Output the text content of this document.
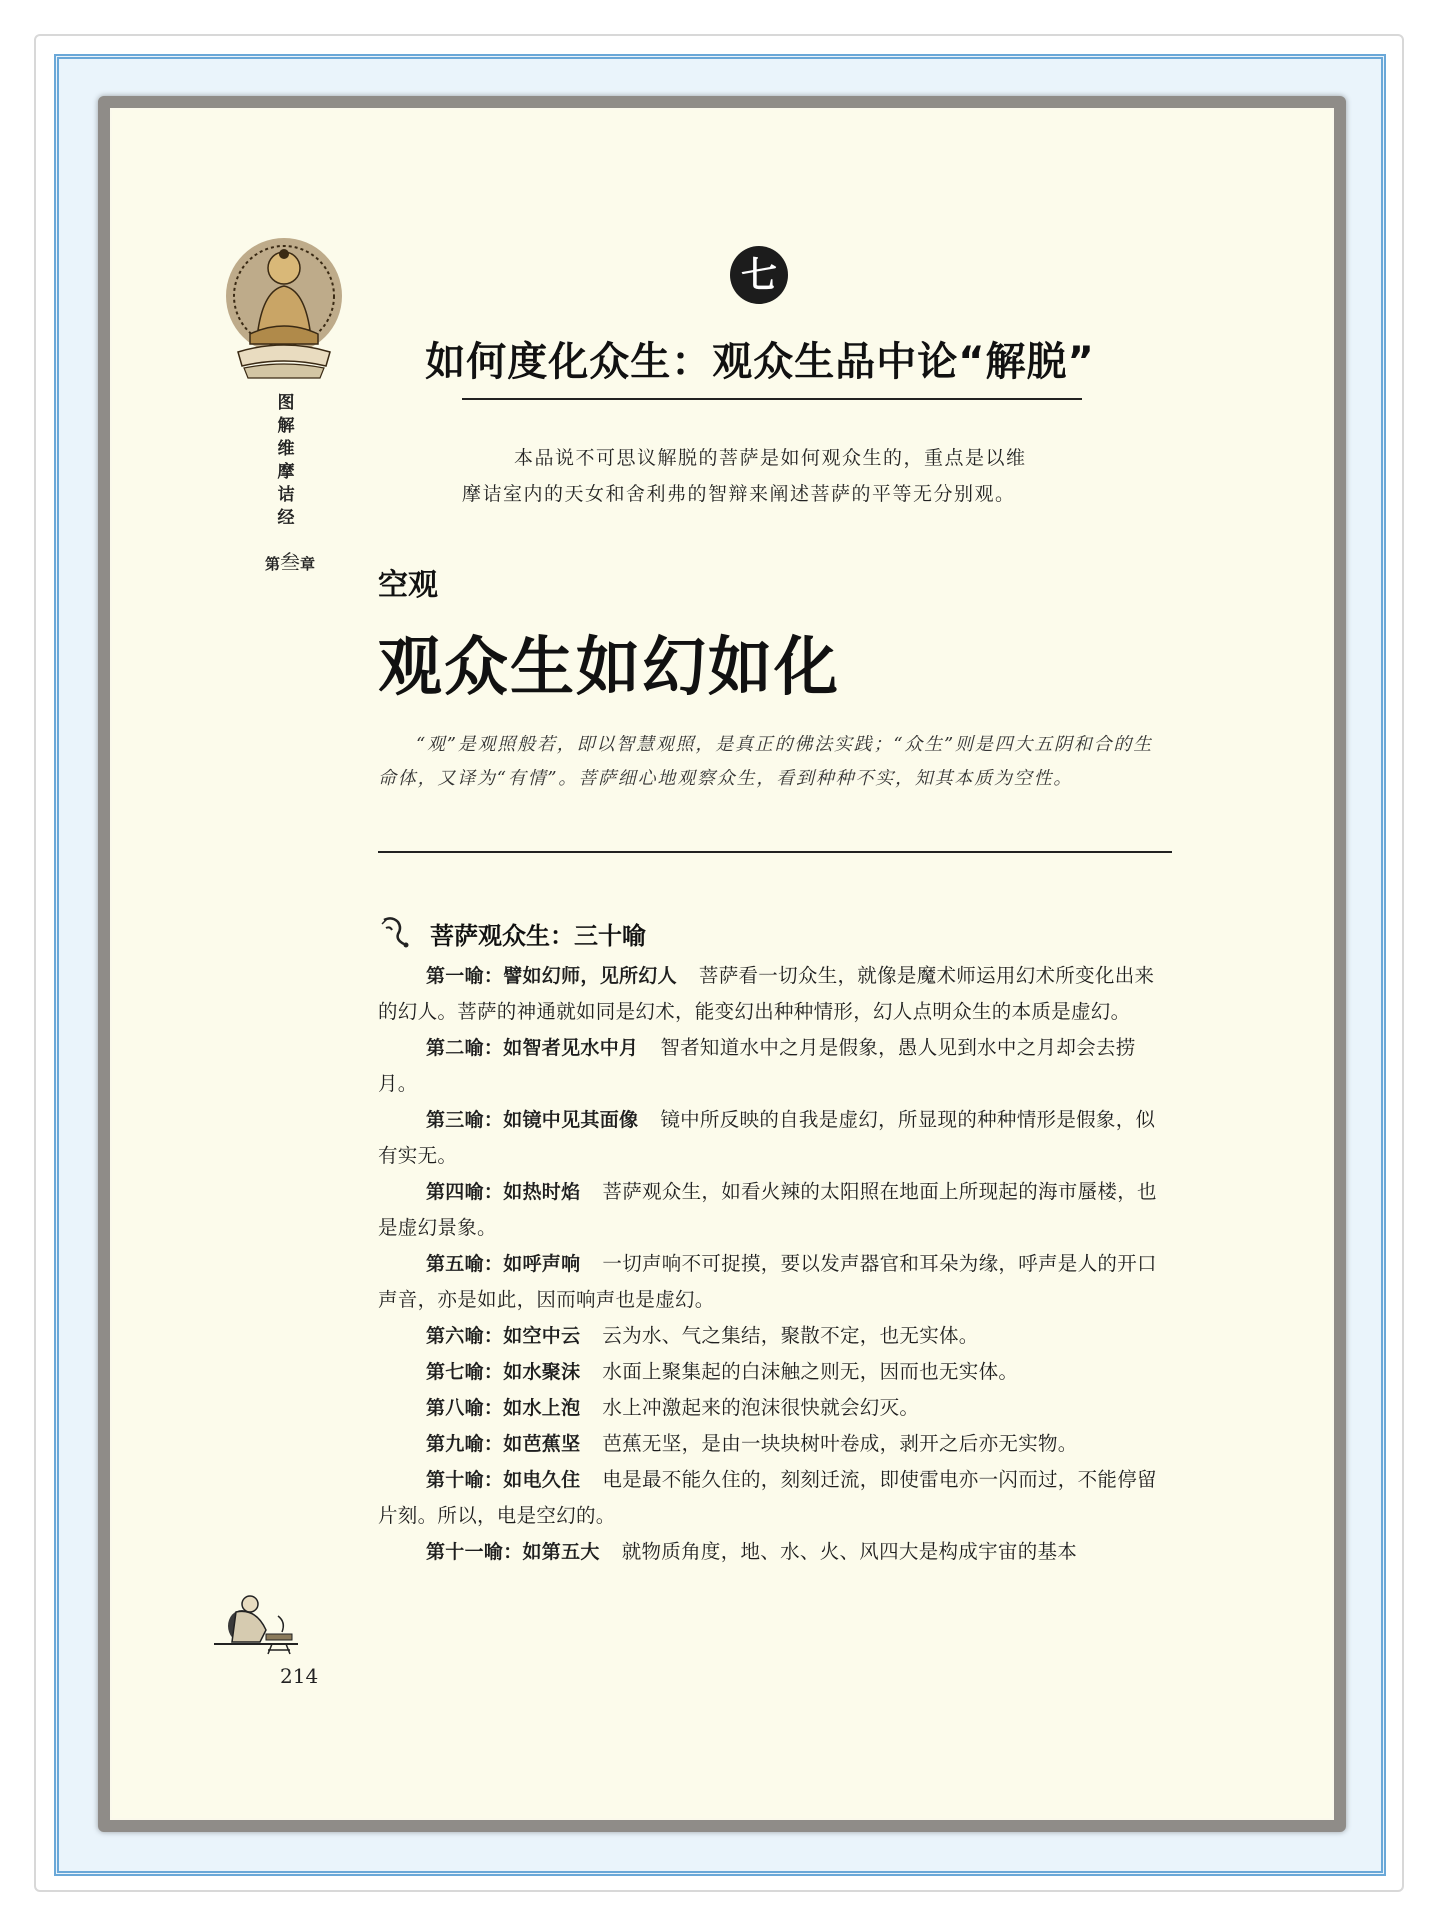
图
解
维
摩
诘
经
第叁章
七
如何度化众生：观众生品中论“解脱”

本品说不可思议解脱的菩萨是如何观众生的，重点是以维

摩诘室内的天女和舍利弗的智辩来阐述菩萨的平等无分别观。

空观
观众生如幻如化

“观”是观照般若，即以智慧观照，是真正的佛法实践；“众生”则是四大五阴和合的生命体，又译为“有情”。菩萨细心地观察众生，看到种种不实，知其本质为空性。

菩萨观众生：三十喻

第一喻：譬如幻师，见所幻人 菩萨看一切众生，就像是魔术师运用幻术所变化出来的幻人。菩萨的神通就如同是幻术，能变幻出种种情形，幻人点明众生的本质是虚幻。

第二喻：如智者见水中月 智者知道水中之月是假象，愚人见到水中之月却会去捞月。

第三喻：如镜中见其面像 镜中所反映的自我是虚幻，所显现的种种情形是假象，似有实无。

第四喻：如热时焰 菩萨观众生，如看火辣的太阳照在地面上所现起的海市蜃楼，也是虚幻景象。

第五喻：如呼声响 一切声响不可捉摸，要以发声器官和耳朵为缘，呼声是人的开口声音，亦是如此，因而响声也是虚幻。

第六喻：如空中云 云为水、气之集结，聚散不定，也无实体。

第七喻：如水聚沫 水面上聚集起的白沫触之则无，因而也无实体。

第八喻：如水上泡 水上冲激起来的泡沫很快就会幻灭。

第九喻：如芭蕉坚 芭蕉无坚，是由一块块树叶卷成，剥开之后亦无实物。

第十喻：如电久住 电是最不能久住的，刻刻迁流，即使雷电亦一闪而过，不能停留片刻。所以，电是空幻的。

第十一喻：如第五大 就物质角度，地、水、火、风四大是构成宇宙的基本

214
